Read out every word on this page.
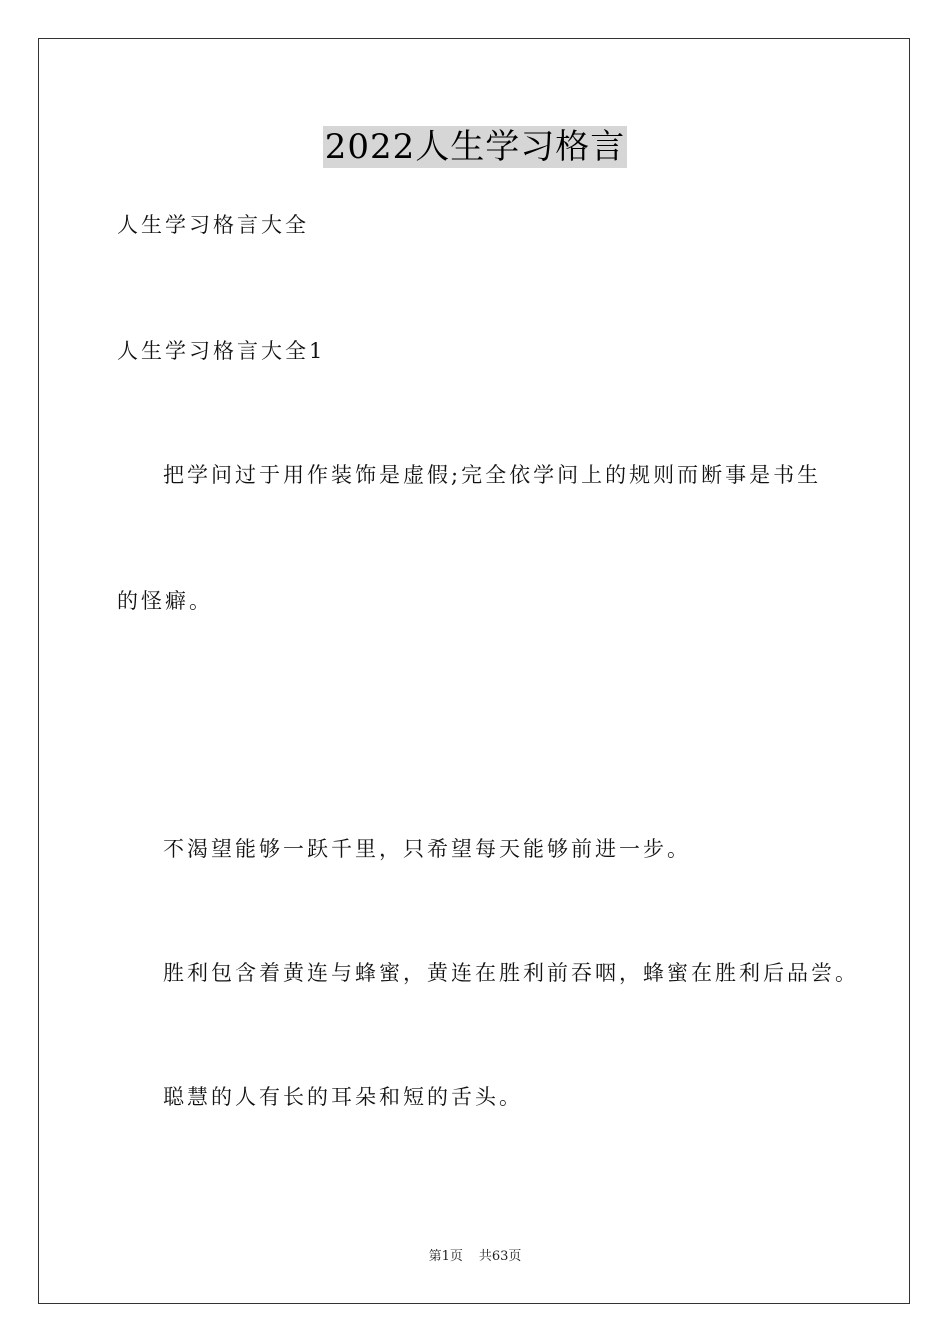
2022人生学习格言
人生学习格言大全
人生学习格言大全1
把学问过于用作装饰是虚假;完全依学问上的规则而断事是书生
的怪癖。
不渴望能够一跃千里，只希望每天能够前进一步。
胜利包含着黄连与蜂蜜，黄连在胜利前吞咽，蜂蜜在胜利后品尝。
聪慧的人有长的耳朵和短的舌头。
第1页 共63页
